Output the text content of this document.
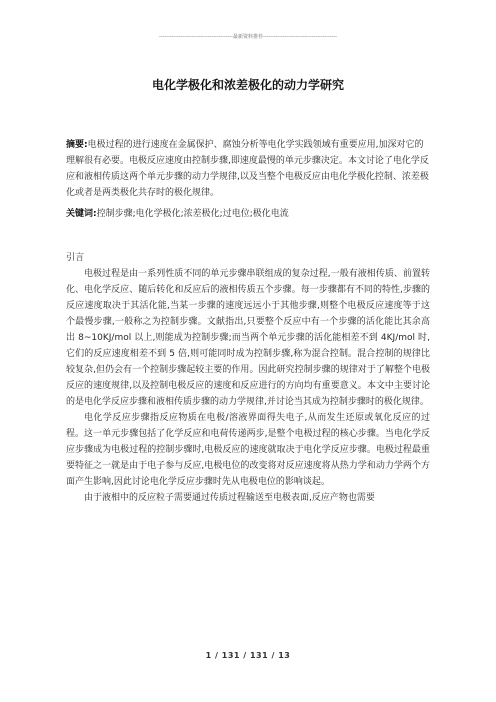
-----------------------------------------最新资料推荐-----------------------------------------
电化学极化和浓差极化的动力学研究
摘要:电极过程的进行速度在金属保护、腐蚀分析等电化学实践领域有重要应用,加深对它的理解很有必要。电极反应速度由控制步骤,即速度最慢的单元步骤决定。本文讨论了电化学反应和液相传质这两个单元步骤的动力学规律,以及当整个电极反应由电化学极化控制、浓差极化或者是两类极化共存时的极化规律。
关键词:控制步骤;电化学极化;浓差极化;过电位;极化电流
引言

电极过程是由一系列性质不同的单元步骤串联组成的复杂过程,一般有液相传质、前置转化、电化学反应、随后转化和反应后的液相传质五个步骤。每一步骤都有不同的特性,步骤的反应速度取决于其活化能,当某一步骤的速度远远小于其他步骤,则整个电极反应速度等于这个最慢步骤,一般称之为控制步骤。文献指出,只要整个反应中有一个步骤的活化能比其余高出 8~10KJ/mol 以上,则能成为控制步骤;而当两个单元步骤的活化能相差不到 4KJ/mol 时,它们的反应速度相差不到 5 倍,则可能同时成为控制步骤,称为混合控制。混合控制的规律比较复杂,但仍会有一个控制步骤起较主要的作用。因此研究控制步骤的规律对于了解整个电极反应的速度规律,以及控制电极反应的速度和反应进行的方向均有重要意义。本文中主要讨论的是电化学反应步骤和液相传质步骤的动力学规律,并讨论当其成为控制步骤时的极化规律。

电化学反应步骤指反应物质在电极/溶液界面得失电子,从而发生还原或氧化反应的过程。这一单元步骤包括了化学反应和电荷传递两步,是整个电极过程的核心步骤。当电化学反应步骤成为电极过程的控制步骤时,电极反应的速度就取决于电化学反应步骤。电极过程最重要特征之一就是由于电子参与反应,电极电位的改变将对反应速度将从热力学和动力学两个方面产生影响,因此讨论电化学反应步骤时先从电极电位的影响谈起。

由于液相中的反应粒子需要通过传质过程输送至电极表面,反应产物也需要

1 / 131 / 131 / 13
